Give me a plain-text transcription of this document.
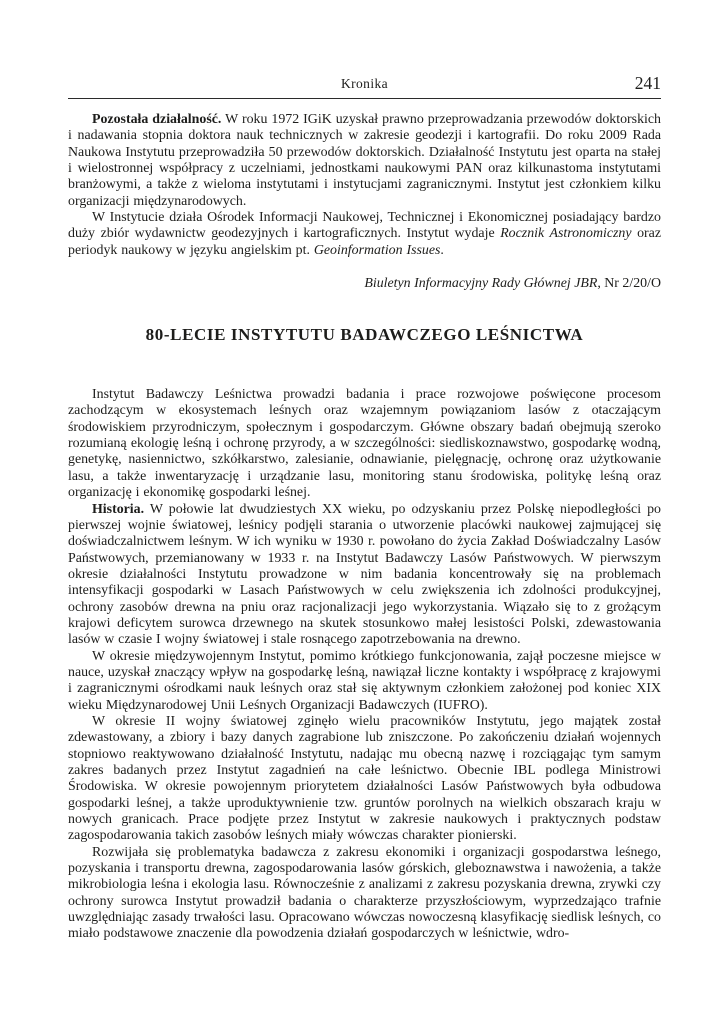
Kronika	241

Pozostała działalność. W roku 1972 IGiK uzyskał prawno przeprowadzania przewodów doktorskich i nadawania stopnia doktora nauk technicznych w zakresie geodezji i kartografii. Do roku 2009 Rada Naukowa Instytutu przeprowadziła 50 przewodów doktorskich. Działalność Instytutu jest oparta na stałej i wielostronnej współpracy z uczelniami, jednostkami naukowymi PAN oraz kilkunastoma instytutami branżowymi, a także z wieloma instytutami i instytucjami zagranicznymi. Instytut jest członkiem kilku organizacji międzynarodowych.

W Instytucie działa Ośrodek Informacji Naukowej, Technicznej i Ekonomicznej posiadający bardzo duży zbiór wydawnictw geodezyjnych i kartograficznych. Instytut wydaje Rocznik Astronomiczny oraz periodyk naukowy w języku angielskim pt. Geoinformation Issues.

Biuletyn Informacyjny Rady Głównej JBR, Nr 2/20/O

80-LECIE INSTYTUTU BADAWCZEGO LEŚNICTWA

Instytut Badawczy Leśnictwa prowadzi badania i prace rozwojowe poświęcone procesom zachodzącym w ekosystemach leśnych oraz wzajemnym powiązaniom lasów z otaczającym środowiskiem przyrodniczym, społecznym i gospodarczym. Główne obszary badań obejmują szeroko rozumianą ekologię leśną i ochronę przyrody, a w szczególności: siedliskoznawstwo, gospodarkę wodną, genetykę, nasiennictwo, szkółkarstwo, zalesianie, odnawianie, pielęgnację, ochronę oraz użytkowanie lasu, a także inwentaryzację i urządzanie lasu, monitoring stanu środowiska, politykę leśną oraz organizację i ekonomikę gospodarki leśnej.

Historia. W połowie lat dwudziestych XX wieku, po odzyskaniu przez Polskę niepodległości po pierwszej wojnie światowej, leśnicy podjęli starania o utworzenie placówki naukowej zajmującej się doświadczalnictwem leśnym. W ich wyniku w 1930 r. powołano do życia Zakład Doświadczalny Lasów Państwowych, przemianowany w 1933 r. na Instytut Badawczy Lasów Państwowych. W pierwszym okresie działalności Instytutu prowadzone w nim badania koncentrowały się na problemach intensyfikacji gospodarki w Lasach Państwowych w celu zwiększenia ich zdolności produkcyjnej, ochrony zasobów drewna na pniu oraz racjonalizacji jego wykorzystania. Wiązało się to z grożącym krajowi deficytem surowca drzewnego na skutek stosunkowo małej lesistości Polski, zdewastowania lasów w czasie I wojny światowej i stale rosnącego zapotrzebowania na drewno.

W okresie międzywojennym Instytut, pomimo krótkiego funkcjonowania, zajął poczesne miejsce w nauce, uzyskał znaczący wpływ na gospodarkę leśną, nawiązał liczne kontakty i współpracę z krajowymi i zagranicznymi ośrodkami nauk leśnych oraz stał się aktywnym członkiem założonej pod koniec XIX wieku Międzynarodowej Unii Leśnych Organizacji Badawczych (IUFRO).

W okresie II wojny światowej zginęło wielu pracowników Instytutu, jego majątek został zdewastowany, a zbiory i bazy danych zagrabione lub zniszczone. Po zakończeniu działań wojennych stopniowo reaktywowano działalność Instytutu, nadając mu obecną nazwę i rozciągając tym samym zakres badanych przez Instytut zagadnień na całe leśnictwo. Obecnie IBL podlega Ministrowi Środowiska. W okresie powojennym priorytetem działalności Lasów Państwowych była odbudowa gospodarki leśnej, a także uproduktywnienie tzw. gruntów porolnych na wielkich obszarach kraju w nowych granicach. Prace podjęte przez Instytut w zakresie naukowych i praktycznych podstaw zagospodarowania takich zasobów leśnych miały wówczas charakter pionierski.

Rozwijała się problematyka badawcza z zakresu ekonomiki i organizacji gospodarstwa leśnego, pozyskania i transportu drewna, zagospodarowania lasów górskich, gleboznawstwa i nawożenia, a także mikrobiologia leśna i ekologia lasu. Równocześnie z analizami z zakresu pozyskania drewna, zrywki czy ochrony surowca Instytut prowadził badania o charakterze przyszłościowym, wyprzedzająco trafnie uwzględniając zasady trwałości lasu. Opracowano wówczas nowoczesną klasyfikację siedlisk leśnych, co miało podstawowe znaczenie dla powodzenia działań gospodarczych w leśnictwie, wdro-
